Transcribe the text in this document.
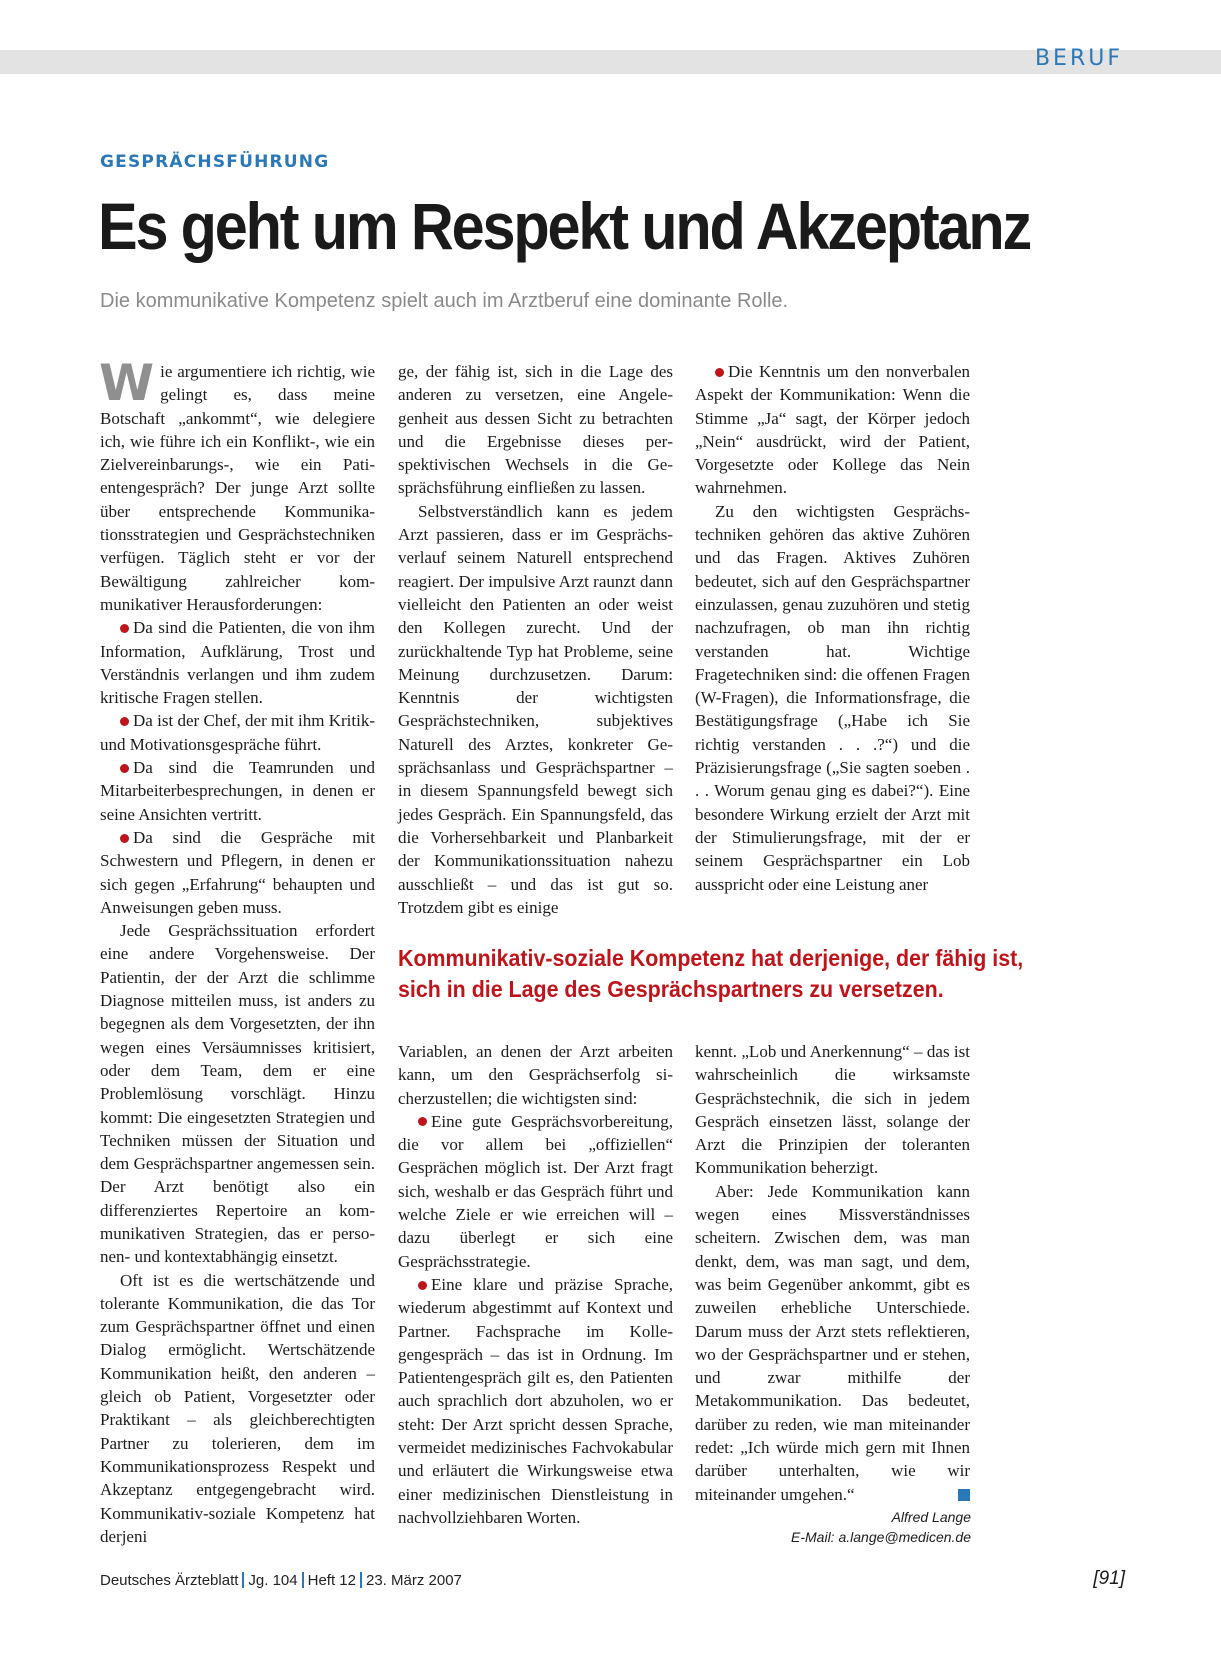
BERUF
GESPRÄCHSFÜHRUNG
Es geht um Respekt und Akzeptanz
Die kommunikative Kompetenz spielt auch im Arztberuf eine dominante Rolle.

Wie argumentiere ich richtig, wie gelingt es, dass meine Botschaft „ankommt“, wie delegiere ich, wie führe ich ein Konflikt-, wie ein Zielvereinbarungs-, wie ein Patientengespräch? Der junge Arzt sollte über entsprechende Kommunikationsstrategien und Gesprächstechniken verfügen. Täglich steht er vor der Bewältigung zahlreicher kommunikativer Herausforderungen:

Da sind die Patienten, die von ihm Information, Aufklärung, Trost und Verständnis verlangen und ihm zudem kritische Fragen stellen.

Da ist der Chef, der mit ihm Kritik- und Motivationsgespräche führt.

Da sind die Teamrunden und Mitarbeiterbesprechungen, in denen er seine Ansichten vertritt.

Da sind die Gespräche mit Schwestern und Pflegern, in denen er sich gegen „Erfahrung“ behaupten und Anweisungen geben muss.

Jede Gesprächssituation erfordert eine andere Vorgehensweise. Der Patientin, der der Arzt die schlimme Diagnose mitteilen muss, ist anders zu begegnen als dem Vorgesetzten, der ihn wegen eines Versäumnisses kritisiert, oder dem Team, dem er eine Problemlösung vorschlägt. Hinzu kommt: Die eingesetzten Strategien und Techniken müssen der Situation und dem Gesprächspartner angemessen sein. Der Arzt benötigt also ein differenziertes Repertoire an kommunikativen Strategien, das er personen- und kontextabhängig einsetzt.

Oft ist es die wertschätzende und tolerante Kommunikation, die das Tor zum Gesprächspartner öffnet und einen Dialog ermöglicht. Wertschätzende Kommunikation heißt, den anderen – gleich ob Patient, Vorgesetzter oder Praktikant – als gleichberechtigten Partner zu tolerieren, dem im Kommunikationsprozess Respekt und Akzeptanz entgegengebracht wird. Kommunikativ-soziale Kompetenz hat derjeni

ge, der fähig ist, sich in die Lage des anderen zu versetzen, eine Angelegenheit aus dessen Sicht zu betrachten und die Ergebnisse dieses perspektivischen Wechsels in die Gesprächsführung einfließen zu lassen.

Selbstverständlich kann es jedem Arzt passieren, dass er im Gesprächsverlauf seinem Naturell entsprechend reagiert. Der impulsive Arzt raunzt dann vielleicht den Patienten an oder weist den Kollegen zurecht. Und der zurückhaltende Typ hat Probleme, seine Meinung durchzusetzen. Darum: Kenntnis der wichtigsten Gesprächstechniken, subjektives Naturell des Arztes, konkreter Gesprächsanlass und Gesprächspartner – in diesem Spannungsfeld bewegt sich jedes Gespräch. Ein Spannungsfeld, das die Vorhersehbarkeit und Planbarkeit der Kommunikationssituation nahezu ausschließt – und das ist gut so. Trotzdem gibt es einige

Die Kenntnis um den nonverbalen Aspekt der Kommunikation: Wenn die Stimme „Ja“ sagt, der Körper jedoch „Nein“ ausdrückt, wird der Patient, Vorgesetzte oder Kollege das Nein wahrnehmen.

Zu den wichtigsten Gesprächstechniken gehören das aktive Zuhören und das Fragen. Aktives Zuhören bedeutet, sich auf den Gesprächspartner einzulassen, genau zuzuhören und stetig nachzufragen, ob man ihn richtig verstanden hat. Wichtige Fragetechniken sind: die offenen Fragen (W-Fragen), die Informationsfrage, die Bestätigungsfrage („Habe ich Sie richtig verstanden . . .?“) und die Präzisierungsfrage („Sie sagten soeben . . . Worum genau ging es dabei?“). Eine besondere Wirkung erzielt der Arzt mit der Stimulierungsfrage, mit der er seinem Gesprächspartner ein Lob ausspricht oder eine Leistung aner

Kommunikativ-soziale Kompetenz hat derjenige, der fähig ist, sich in die Lage des Gesprächspartners zu versetzen.

Variablen, an denen der Arzt arbeiten kann, um den Gesprächserfolg sicherzustellen; die wichtigsten sind:

Eine gute Gesprächsvorbereitung, die vor allem bei „offiziellen“ Gesprächen möglich ist. Der Arzt fragt sich, weshalb er das Gespräch führt und welche Ziele er wie erreichen will – dazu überlegt er sich eine Gesprächsstrategie.

Eine klare und präzise Sprache, wiederum abgestimmt auf Kontext und Partner. Fachsprache im Kollegengespräch – das ist in Ordnung. Im Patientengespräch gilt es, den Patienten auch sprachlich dort abzuholen, wo er steht: Der Arzt spricht dessen Sprache, vermeidet medizinisches Fachvokabular und erläutert die Wirkungsweise etwa einer medizinischen Dienstleistung in nachvollziehbaren Worten.

kennt. „Lob und Anerkennung“ – das ist wahrscheinlich die wirksamste Gesprächstechnik, die sich in jedem Gespräch einsetzen lässt, solange der Arzt die Prinzipien der toleranten Kommunikation beherzigt.

Aber: Jede Kommunikation kann wegen eines Missverständnisses scheitern. Zwischen dem, was man denkt, dem, was man sagt, und dem, was beim Gegenüber ankommt, gibt es zuweilen erhebliche Unterschiede. Darum muss der Arzt stets reflektieren, wo der Gesprächspartner und er stehen, und zwar mithilfe der Metakommunikation. Das bedeutet, darüber zu reden, wie man miteinander redet: „Ich würde mich gern mit Ihnen darüber unterhalten, wie wir miteinander umgehen.“

Alfred Lange
E-Mail: a.lange@medicen.de
Deutsches Ärzteblatt Jg. 104 Heft 12 23. März 2007	[91]
